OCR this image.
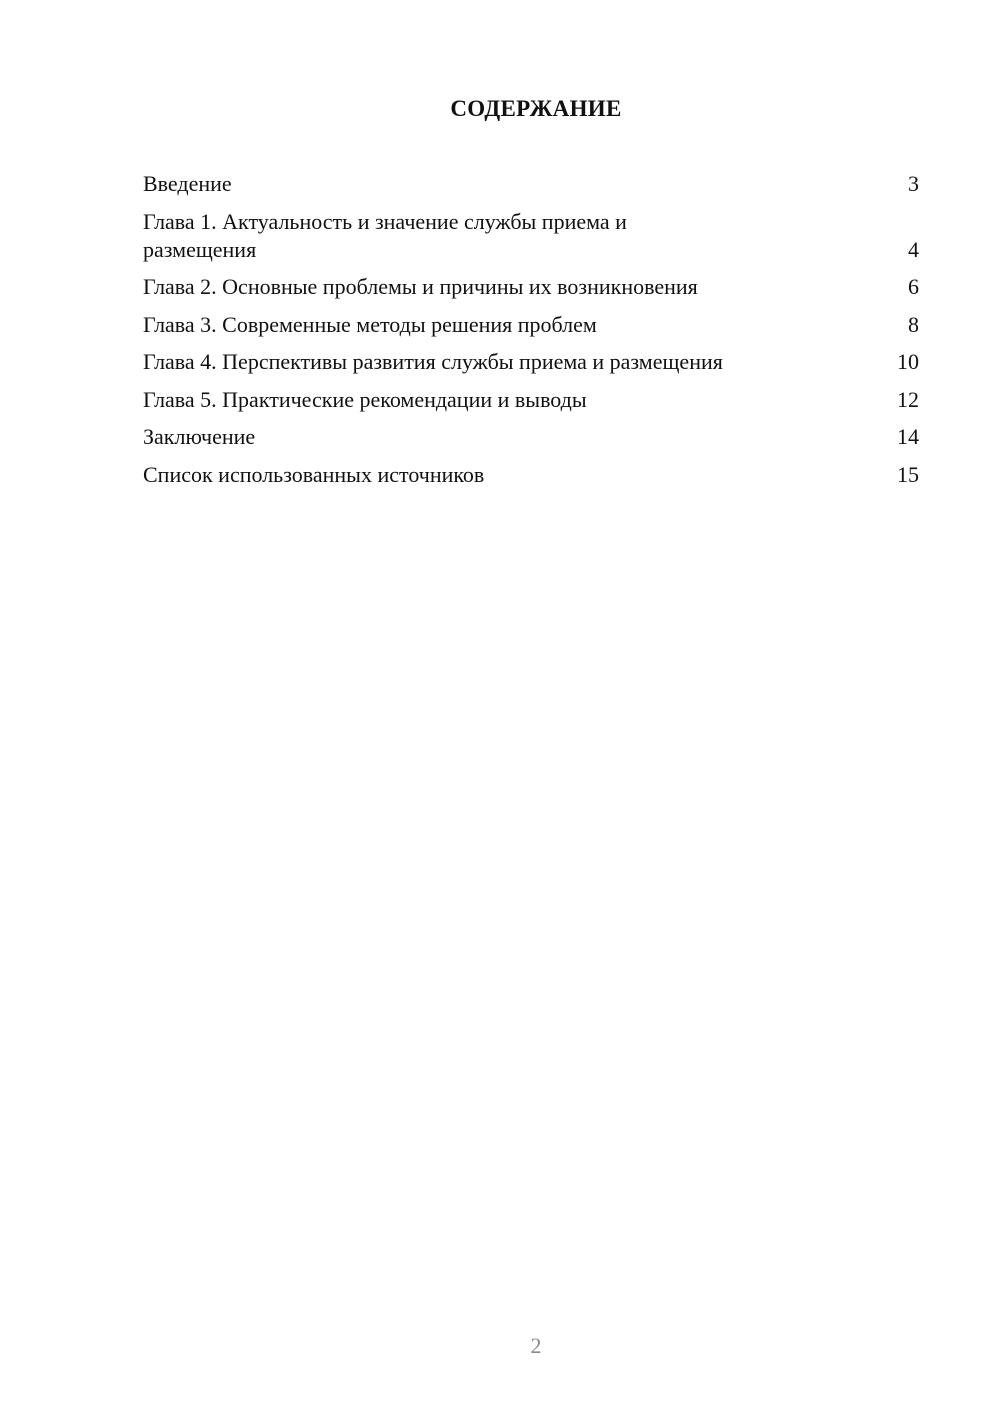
СОДЕРЖАНИЕ
Введение	3
Глава 1. Актуальность и значение службы приема и
размещения	4
Глава 2. Основные проблемы и причины их возникновения	6
Глава 3. Современные методы решения проблем	8
Глава 4. Перспективы развития службы приема и размещения	10
Глава 5. Практические рекомендации и выводы	12
Заключение	14
Список использованных источников	15
2
